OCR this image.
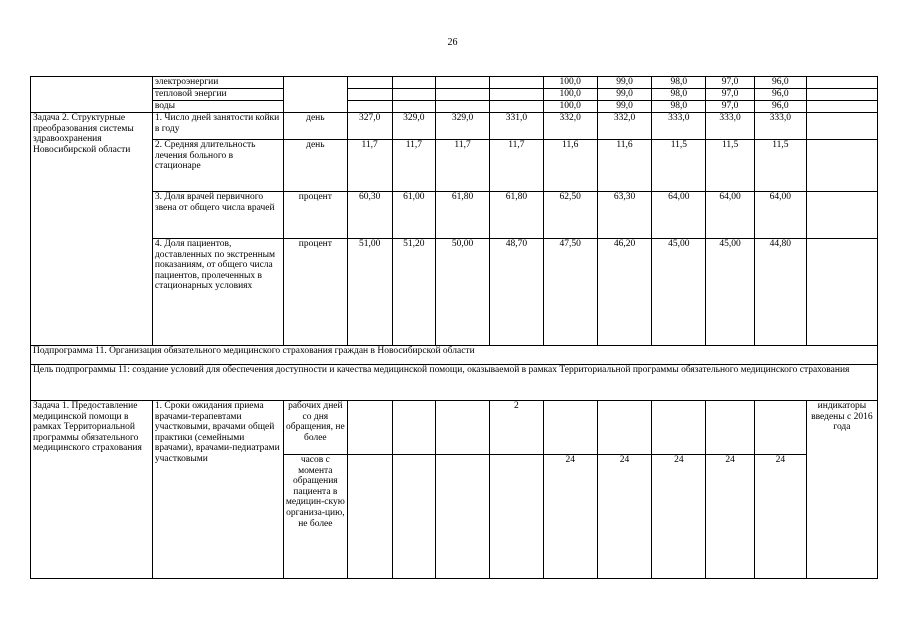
26
	электроэнергии						100,0	99,0	98,0	97,0	96,0	
	тепловой энергии						100,0	99,0	98,0	97,0	96,0	
	воды						100,0	99,0	98,0	97,0	96,0	
Задача 2. Структурные преобразования системы здравоохранения Новосибирской области	1. Число дней занятости койки в году	день	327,0	329,0	329,0	331,0	332,0	332,0	333,0	333,0	333,0	
	2. Средняя длительность лечения больного в стационаре	день	11,7	11,7	11,7	11,7	11,6	11,6	11,5	11,5	11,5	
	3. Доля врачей первичного звена от общего числа врачей	процент	60,30	61,00	61,80	61,80	62,50	63,30	64,00	64,00	64,00	
	4. Доля пациентов, доставленных по экстренным показаниям, от общего числа пациентов, пролеченных в стационарных условиях	процент	51,00	51,20	50,00	48,70	47,50	46,20	45,00	45,00	44,80	
Подпрограмма 11. Организация обязательного медицинского страхования граждан в Новосибирской области												
Цель подпрограммы 11: создание условий для обеспечения доступности и качества медицинской помощи, оказываемой в рамках Территориальной программы обязательного медицинского страхования												
Задача 1. Предоставление медицинской помощи в рамках Территориальной программы обязательного медицинского страхования	1. Сроки ожидания приема врачами-терапевтами участковыми, врачами общей практики (семейными врачами), врачами-педиатрами участковыми	рабочих дней со дня обращения, не более				2						индикаторы введены с 2016 года
		часов с момента обращения пациента в медицин-скую организа-цию, не более					24	24	24	24	24	
